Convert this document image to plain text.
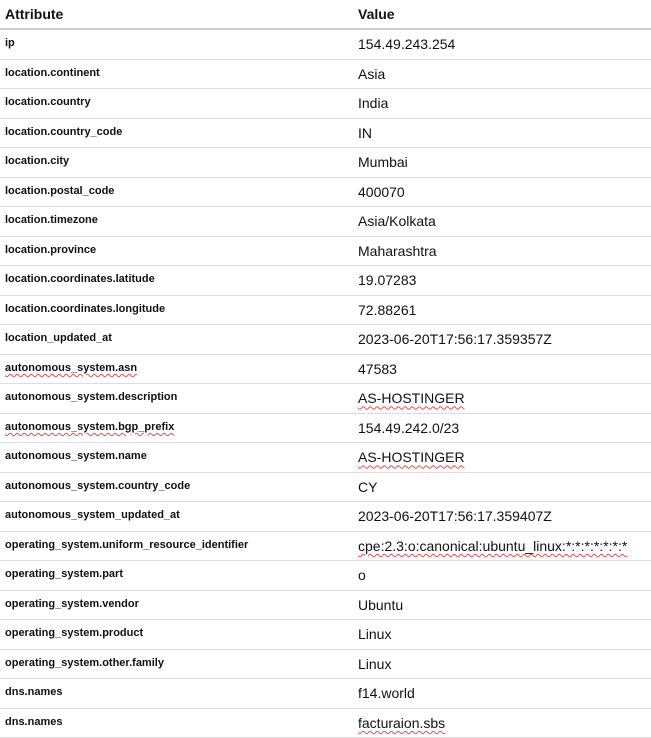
Attribute	Value
ip	154.49.243.254
location.continent	Asia
location.country	India
location.country_code	IN
location.city	Mumbai
location.postal_code	400070
location.timezone	Asia/Kolkata
location.province	Maharashtra
location.coordinates.latitude	19.07283
location.coordinates.longitude	72.88261
location_updated_at	2023-06-20T17:56:17.359357Z
autonomous_system.asn	47583
autonomous_system.description	AS-HOSTINGER
autonomous_system.bgp_prefix	154.49.242.0/23
autonomous_system.name	AS-HOSTINGER
autonomous_system.country_code	CY
autonomous_system_updated_at	2023-06-20T17:56:17.359407Z
operating_system.uniform_resource_identifier	cpe:2.3:o:canonical:ubuntu_linux:*:*:*:*:*:*:*
operating_system.part	o
operating_system.vendor	Ubuntu
operating_system.product	Linux
operating_system.other.family	Linux
dns.names	f14.world
dns.names	facturaion.sbs
